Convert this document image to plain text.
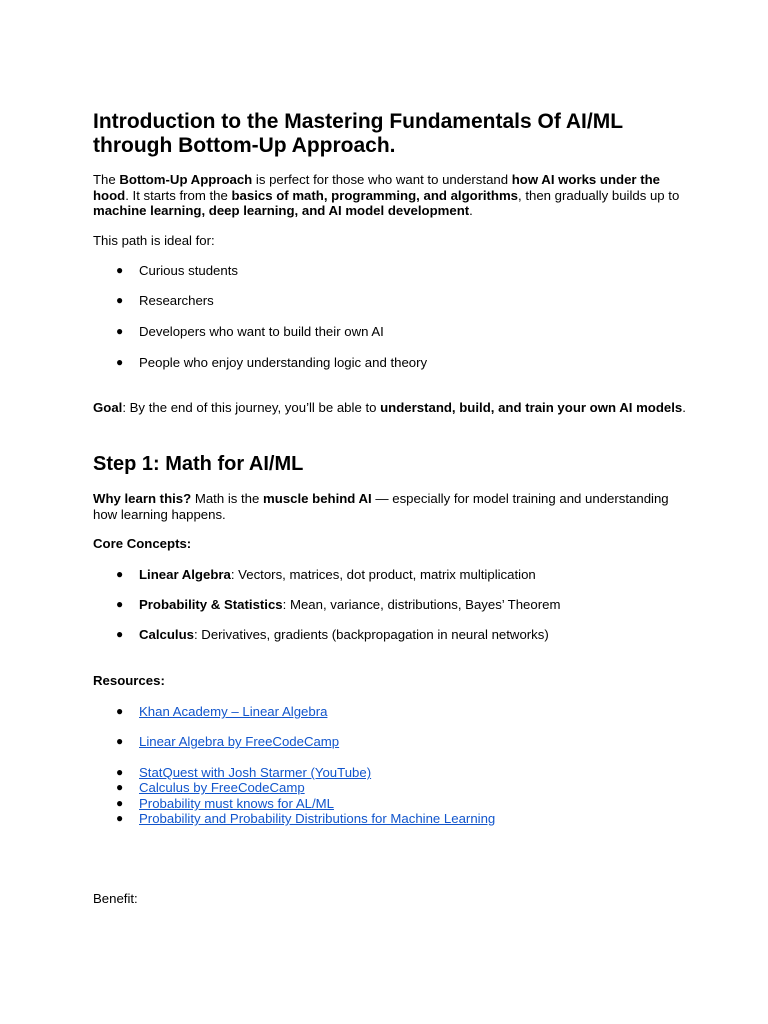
Introduction to the Mastering Fundamentals Of AI/ML through Bottom-Up Approach.

The Bottom-Up Approach is perfect for those who want to understand how AI works under the hood. It starts from the basics of math, programming, and algorithms, then gradually builds up to machine learning, deep learning, and AI model development.

This path is ideal for:

● Curious students
● Researchers
● Developers who want to build their own AI
● People who enjoy understanding logic and theory

Goal: By the end of this journey, you’ll be able to understand, build, and train your own AI models.

Step 1: Math for AI/ML

Why learn this? Math is the muscle behind AI — especially for model training and understanding how learning happens.

Core Concepts:

● Linear Algebra: Vectors, matrices, dot product, matrix multiplication
● Probability & Statistics: Mean, variance, distributions, Bayes’ Theorem
● Calculus: Derivatives, gradients (backpropagation in neural networks)

Resources:

● Khan Academy – Linear Algebra
● Linear Algebra by FreeCodeCamp
● StatQuest with Josh Starmer (YouTube)
● Calculus by FreeCodeCamp
● Probability must knows for AL/ML
● Probability and Probability Distributions for Machine Learning

Benefit:
